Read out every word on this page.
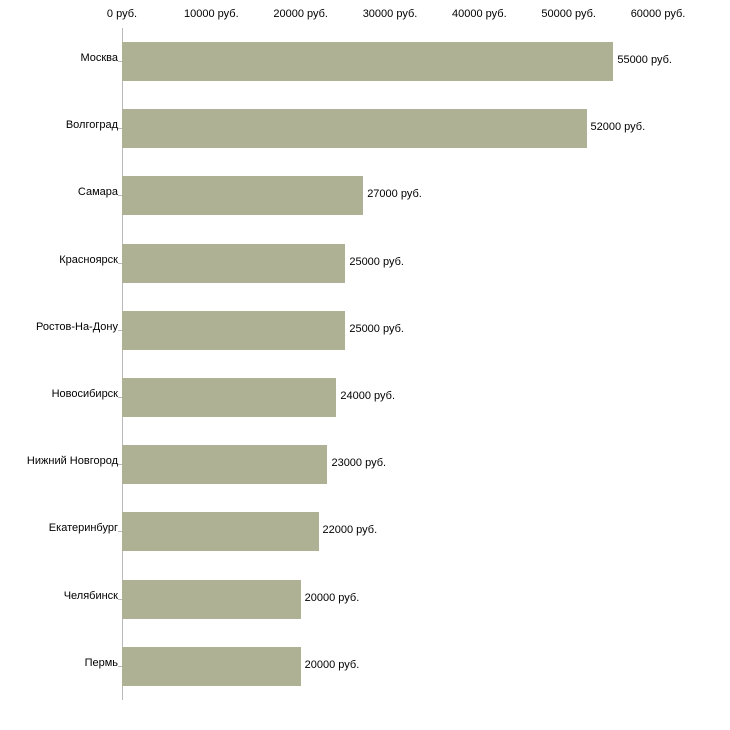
0 руб.	10000 руб.	20000 руб.	30000 руб.	40000 руб.	50000 руб.	60000 руб.
Москва
Волгоград
Самара
Красноярск
Ростов-На-Дону
Новосибирск
Нижний Новгород
Екатеринбург
Челябинск
Пермь
55000 руб.
52000 руб.
27000 руб.
25000 руб.
25000 руб.
24000 руб.
23000 руб.
22000 руб.
20000 руб.
20000 руб.
